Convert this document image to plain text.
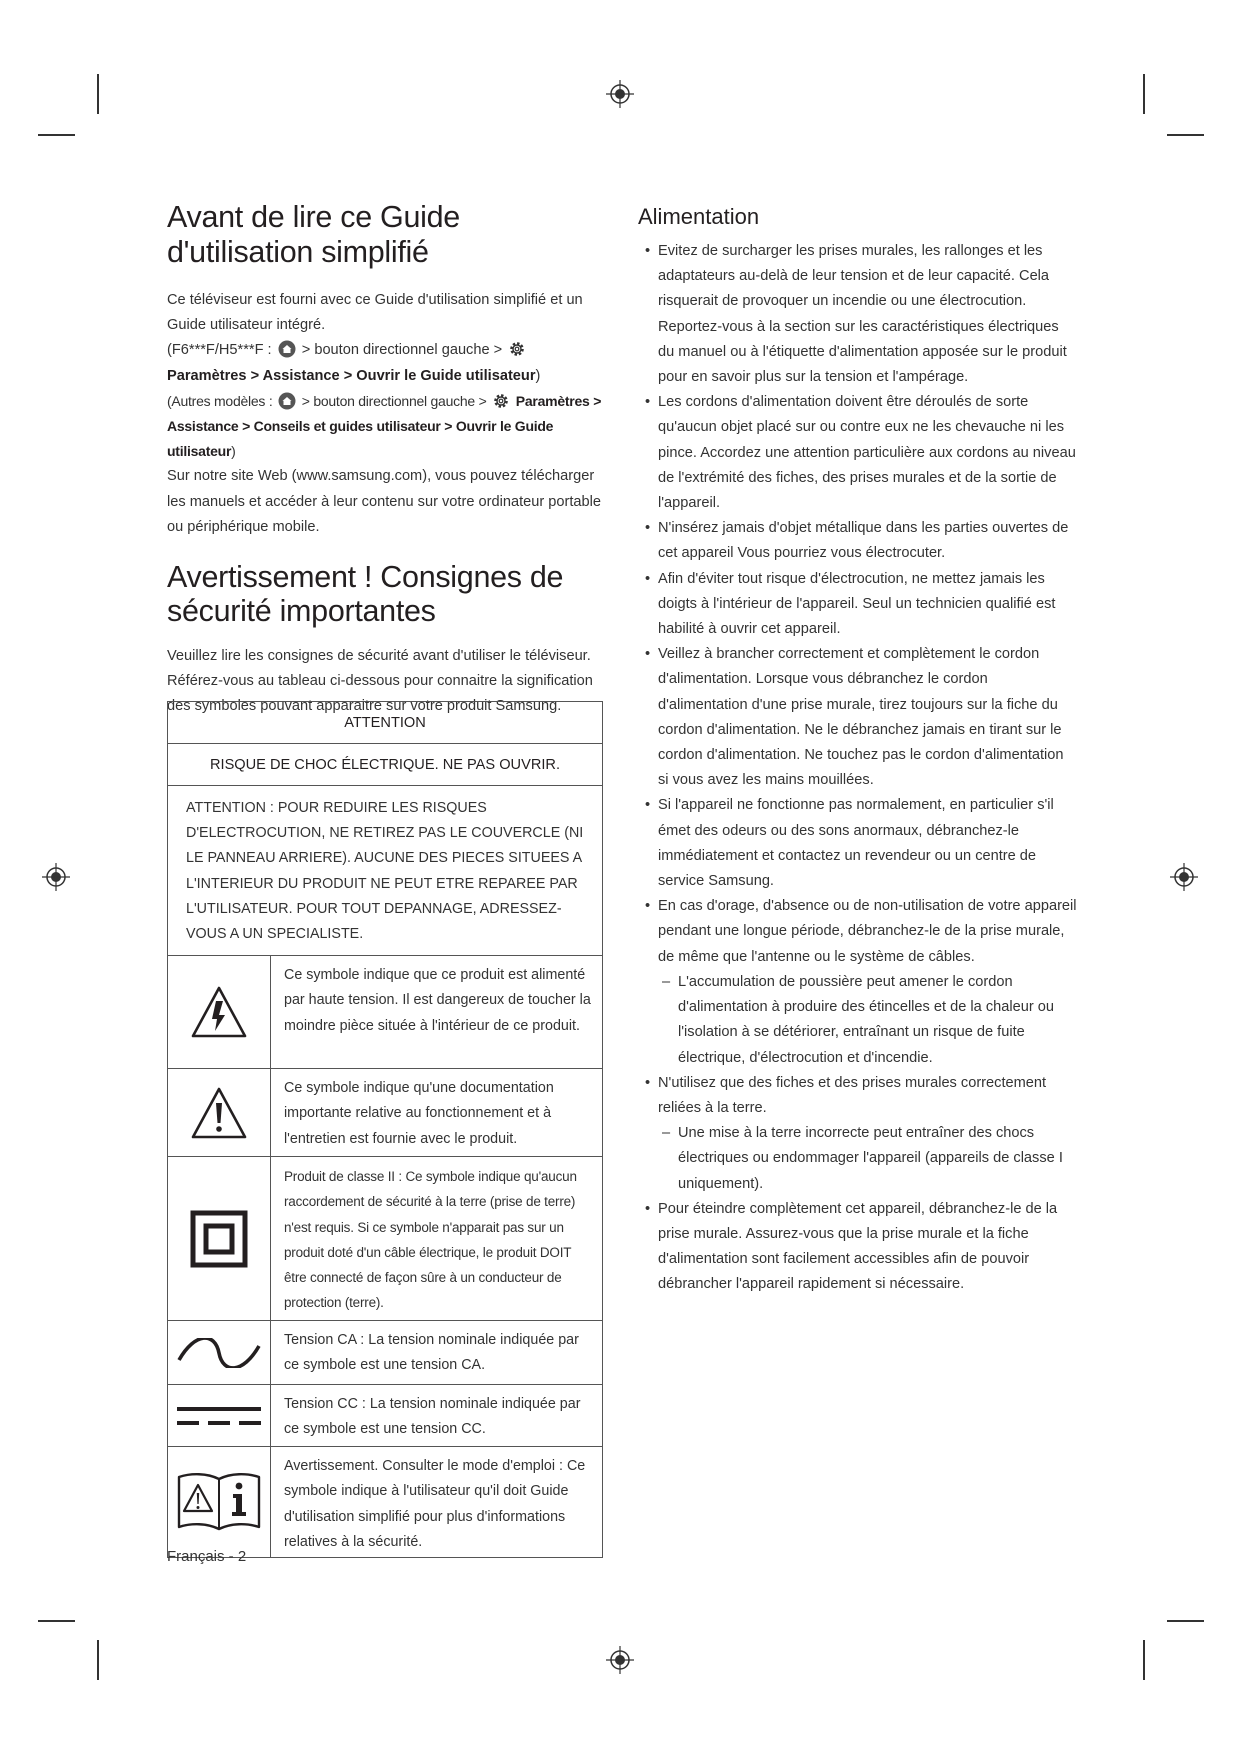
Avant de lire ce Guide d'utilisation simplifié

Ce téléviseur est fourni avec ce Guide d'utilisation simplifié et un Guide utilisateur intégré.

(F6***F/H5***F : > bouton directionnel gauche >  Paramètres > Assistance > Ouvrir le Guide utilisateur)

(Autres modèles : > bouton directionnel gauche > Paramètres > Assistance > Conseils et guides utilisateur > Ouvrir le Guide utilisateur)

Sur notre site Web (www.samsung.com), vous pouvez télécharger les manuels et accéder à leur contenu sur votre ordinateur portable ou périphérique mobile.

Avertissement ! Consignes de sécurité importantes

Veuillez lire les consignes de sécurité avant d'utiliser le téléviseur. Référez-vous au tableau ci-dessous pour connaitre la signification des symboles pouvant apparaitre sur votre produit Samsung.

ATTENTION
RISQUE DE CHOC ÉLECTRIQUE. NE PAS OUVRIR.
ATTENTION : POUR REDUIRE LES RISQUES D'ELECTROCUTION, NE RETIREZ PAS LE COUVERCLE (NI LE PANNEAU ARRIERE). AUCUNE DES PIECES SITUEES A L'INTERIEUR DU PRODUIT NE PEUT ETRE REPAREE PAR L'UTILISATEUR. POUR TOUT DEPANNAGE, ADRESSEZ-VOUS A UN SPECIALISTE.
Ce symbole indique que ce produit est alimenté par haute tension. Il est dangereux de toucher la moindre pièce située à l'intérieur de ce produit.
Ce symbole indique qu'une documentation importante relative au fonctionnement et à l'entretien est fournie avec le produit.
Produit de classe II : Ce symbole indique qu'aucun raccordement de sécurité à la terre (prise de terre) n'est requis. Si ce symbole n'apparait pas sur un produit doté d'un câble électrique, le produit DOIT être connecté de façon sûre à un conducteur de protection (terre).
Tension CA : La tension nominale indiquée par ce symbole est une tension CA.
Tension CC : La tension nominale indiquée par ce symbole est une tension CC.
Avertissement. Consulter le mode d'emploi : Ce symbole indique à l'utilisateur qu'il doit Guide d'utilisation simplifié pour plus d'informations relatives à la sécurité.
Alimentation
• Evitez de surcharger les prises murales, les rallonges et les adaptateurs au-delà de leur tension et de leur capacité. Cela risquerait de provoquer un incendie ou une électrocution. Reportez-vous à la section sur les caractéristiques électriques du manuel ou à l'étiquette d'alimentation apposée sur le produit pour en savoir plus sur la tension et l'ampérage.
• Les cordons d'alimentation doivent être déroulés de sorte qu'aucun objet placé sur ou contre eux ne les chevauche ni les pince. Accordez une attention particulière aux cordons au niveau de l'extrémité des fiches, des prises murales et de la sortie de l'appareil.
• N'insérez jamais d'objet métallique dans les parties ouvertes de cet appareil Vous pourriez vous électrocuter.
• Afin d'éviter tout risque d'électrocution, ne mettez jamais les doigts à l'intérieur de l'appareil. Seul un technicien qualifié est habilité à ouvrir cet appareil.
• Veillez à brancher correctement et complètement le cordon d'alimentation. Lorsque vous débranchez le cordon d'alimentation d'une prise murale, tirez toujours sur la fiche du cordon d'alimentation. Ne le débranchez jamais en tirant sur le cordon d'alimentation. Ne touchez pas le cordon d'alimentation si vous avez les mains mouillées.
• Si l'appareil ne fonctionne pas normalement, en particulier s'il émet des odeurs ou des sons anormaux, débranchez-le immédiatement et contactez un revendeur ou un centre de service Samsung.
• En cas d'orage, d'absence ou de non-utilisation de votre appareil pendant une longue période, débranchez-le de la prise murale, de même que l'antenne ou le système de câbles.
– L'accumulation de poussière peut amener le cordon d'alimentation à produire des étincelles et de la chaleur ou l'isolation à se détériorer, entraînant un risque de fuite électrique, d'électrocution et d'incendie.
• N'utilisez que des fiches et des prises murales correctement reliées à la terre.
– Une mise à la terre incorrecte peut entraîner des chocs électriques ou endommager l'appareil (appareils de classe I uniquement).
• Pour éteindre complètement cet appareil, débranchez-le de la prise murale. Assurez-vous que la prise murale et la fiche d'alimentation sont facilement accessibles afin de pouvoir débrancher l'appareil rapidement si nécessaire.
Français - 2
